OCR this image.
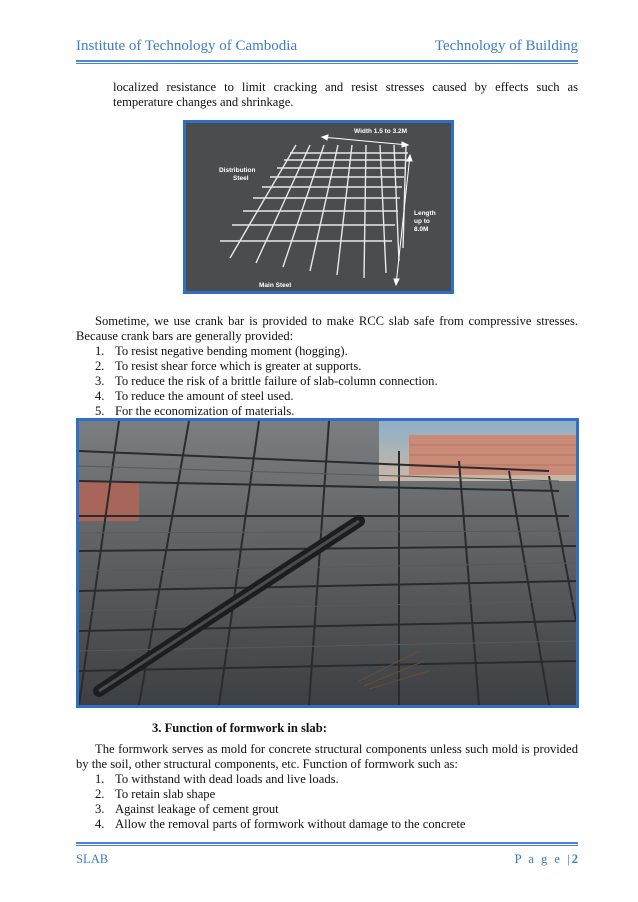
Institute of Technology of Cambodia	Technology of Building
localized resistance to limit cracking and resist stresses caused by effects such as
temperature changes and shrinkage.
Width 1.5 to 3.2M
Distribution
Steel
Length
up to
8.0M
Main Steel
Sometime, we use crank bar is provided to make RCC slab safe from compressive stresses.
Because crank bars are generally provided:
1. To resist negative bending moment (hogging).
2. To resist shear force which is greater at supports.
3. To reduce the risk of a brittle failure of slab-column connection.
4. To reduce the amount of steel used.
5. For the economization of materials.
3. Function of formwork in slab:
The formwork serves as mold for concrete structural components unless such mold is provided
by the soil, other structural components, etc. Function of formwork such as:
1. To withstand with dead loads and live loads.
2. To retain slab shape
3. Against leakage of cement grout
4. Allow the removal parts of formwork without damage to the concrete
SLAB	P a g e |2
